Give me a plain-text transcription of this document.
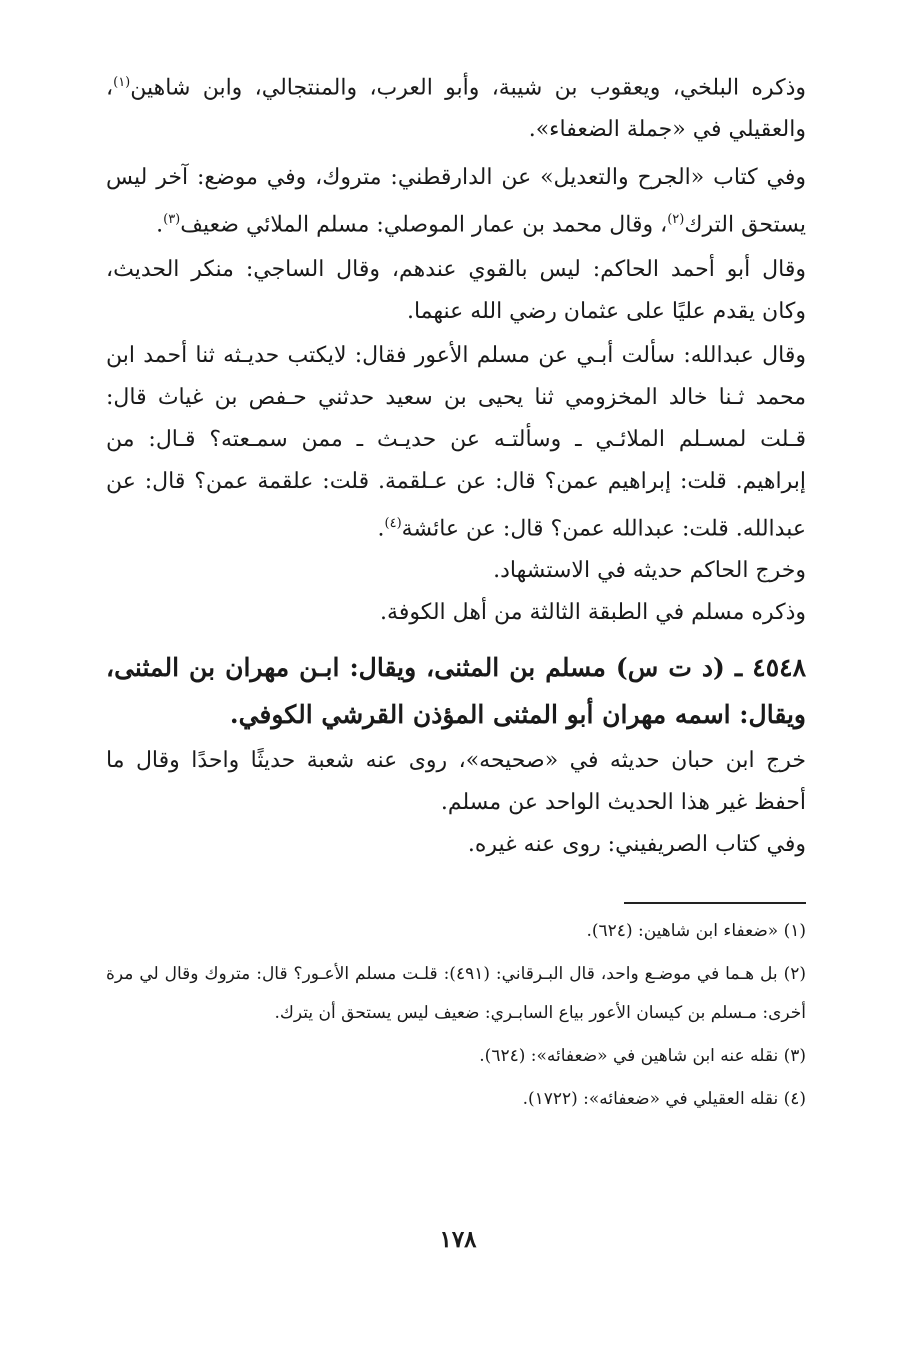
وذكره البلخي، ويعقوب بن شيبة، وأبو العرب، والمنتجالي، وابن شاهين$^{(١)}$، والعقيلي في «جملة الضعفاء».

وفي كتاب «الجرح والتعديل» عن الدارقطني: متروك، وفي موضع: آخر ليس يستحق الترك$^{(٢)}$، وقال محمد بن عمار الموصلي: مسلم الملائي ضعيف$^{(٣)}$.

وقال أبو أحمد الحاكم: ليس بالقوي عندهم، وقال الساجي: منكر الحديث، وكان يقدم عليًا على عثمان رضي الله عنهما.

وقال عبدالله: سألت أبـي عن مسلم الأعور فقال: لايكتب حديـثه ثنا أحمد ابن محمد ثـنا خالد المخزومي ثنا يحيى بن سعيد حدثني حـفص بن غياث قال: قـلت لمسـلم الملائـي ـ وسألتـه عن حديـث ـ ممن سمـعته؟ قـال: من إبراهيم. قلت: إبراهيم عمن؟ قال: عن عـلقمة. قلت: علقمة عمن؟ قال: عن عبدالله. قلت: عبدالله عمن؟ قال: عن عائشة$^{(٤)}$.

وخرج الحاكم حديثه في الاستشهاد.

وذكره مسلم في الطبقة الثالثة من أهل الكوفة.

٤٥٤٨ ـ (د ت س) مسلم بن المثنى، ويقال: ابـن مهران بن المثنى، ويقال: اسمه مهران أبو المثنى المؤذن القرشي الكوفي.

خرج ابن حبان حديثه في «صحيحه»، روى عنه شعبة حديثًا واحدًا وقال ما أحفظ غير هذا الحديث الواحد عن مسلم.

وفي كتاب الصريفيني: روى عنه غيره.

(١) «ضعفاء ابن شاهين: (٦٢٤).

(٢) بل هـما في موضـع واحد، قال البـرقاني: (٤٩١): قلـت مسلم الأعـور؟ قال: متروك وقال لي مرة أخرى: مـسلم بن كيسان الأعور بياع السابـري: ضعيف ليس يستحق أن يترك.

(٣) نقله عنه ابن شاهين في «ضعفائه»: (٦٢٤).

(٤) نقله العقيلي في «ضعفائه»: (١٧٢٢).

١٧٨
